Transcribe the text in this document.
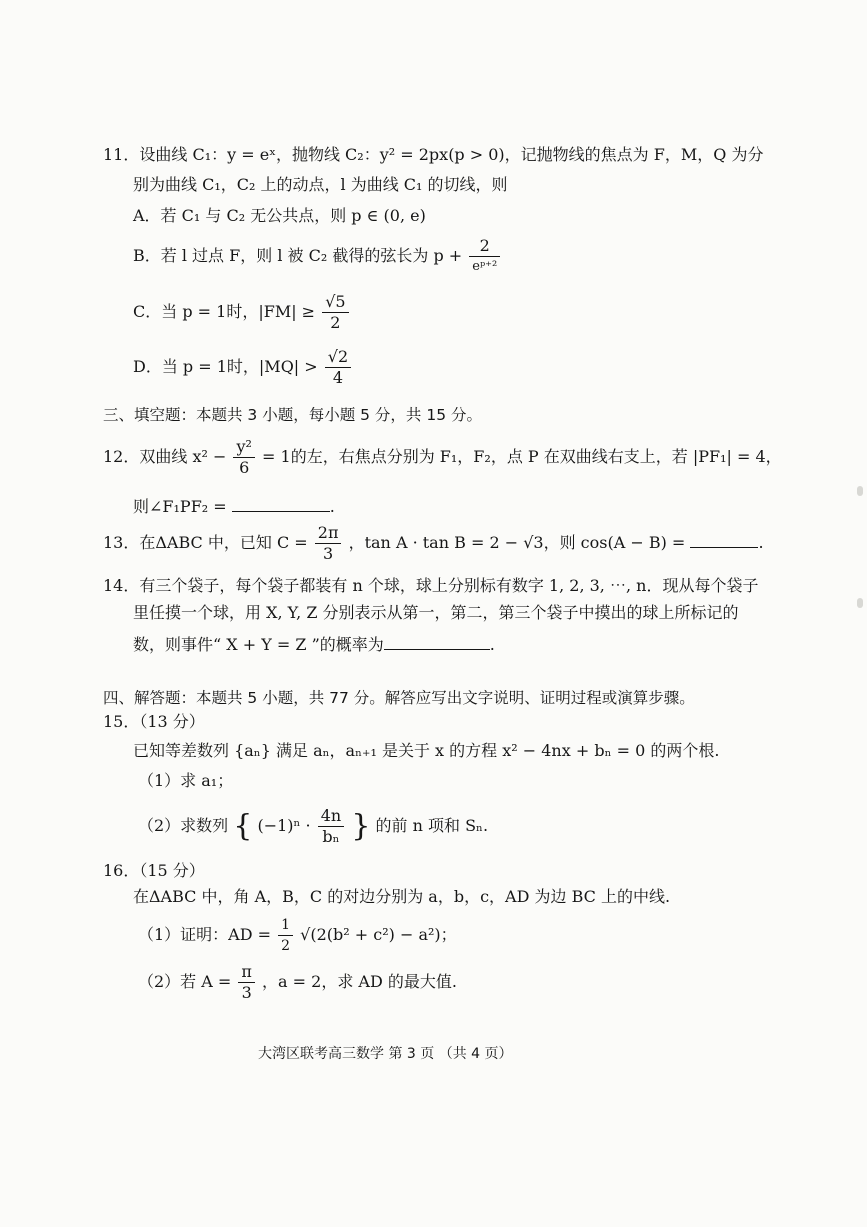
11．设曲线 C₁：y = eˣ，抛物线 C₂：y² = 2px(p > 0)，记抛物线的焦点为 F，M，Q 为分
别为曲线 C₁，C₂ 上的动点，l 为曲线 C₁ 的切线，则
A．若 C₁ 与 C₂ 无公共点，则 p ∈ (0, e)
B．若 l 过点 F，则 l 被 C₂ 截得的弦长为 $p + \frac{2}{\text{eᵖ⁺²}}$
C．当 p = 1时，$|FM| \ge \frac{√5}{2}$
D．当 p = 1时，$|MQ| > \frac{√2}{4}$
三、填空题：本题共 3 小题，每小题 5 分，共 15 分。
12．双曲线 $x^2 - \frac{\text{y²}}{6} = 1$的左，右焦点分别为 F₁，F₂，点 P 在双曲线右支上，若 |PF₁| = 4，
则∠F₁PF₂ =	.
13．在ΔABC 中，已知 $C = \frac{2\pi}{3}$ ，tan A · tan B = 2 − √3，则 cos(A − B) =	.
14．有三个袋子，每个袋子都装有 n 个球，球上分别标有数字 1, 2, 3, ⋯, n．现从每个袋子
里任摸一个球，用 X, Y, Z 分别表示从第一，第二，第三个袋子中摸出的球上所标记的
数，则事件“ X + Y = Z ”的概率为	.
四、解答题：本题共 5 小题，共 77 分。解答应写出文字说明、证明过程或演算步骤。
15．（13 分）
已知等差数列 {aₙ} 满足 aₙ，aₙ₊₁ 是关于 x 的方程 x² − 4nx + bₙ = 0 的两个根.
（1）求 a₁；
（2）求数列 { $(-1)^n \cdot \frac{4n}{\text{bₙ}}$ } 的前 n 项和 Sₙ.
16．（15 分）
在ΔABC 中，角 A，B，C 的对边分别为 a，b，c，AD 为边 BC 上的中线.
（1）证明：AD = $\frac{1}{2} √(2(b^2 + c^2) - a^2)$；
（2）若 $A = \frac{\pi}{3}$ ，a = 2，求 AD 的最大值.
大湾区联考高三数学 第 3 页 （共 4 页）
